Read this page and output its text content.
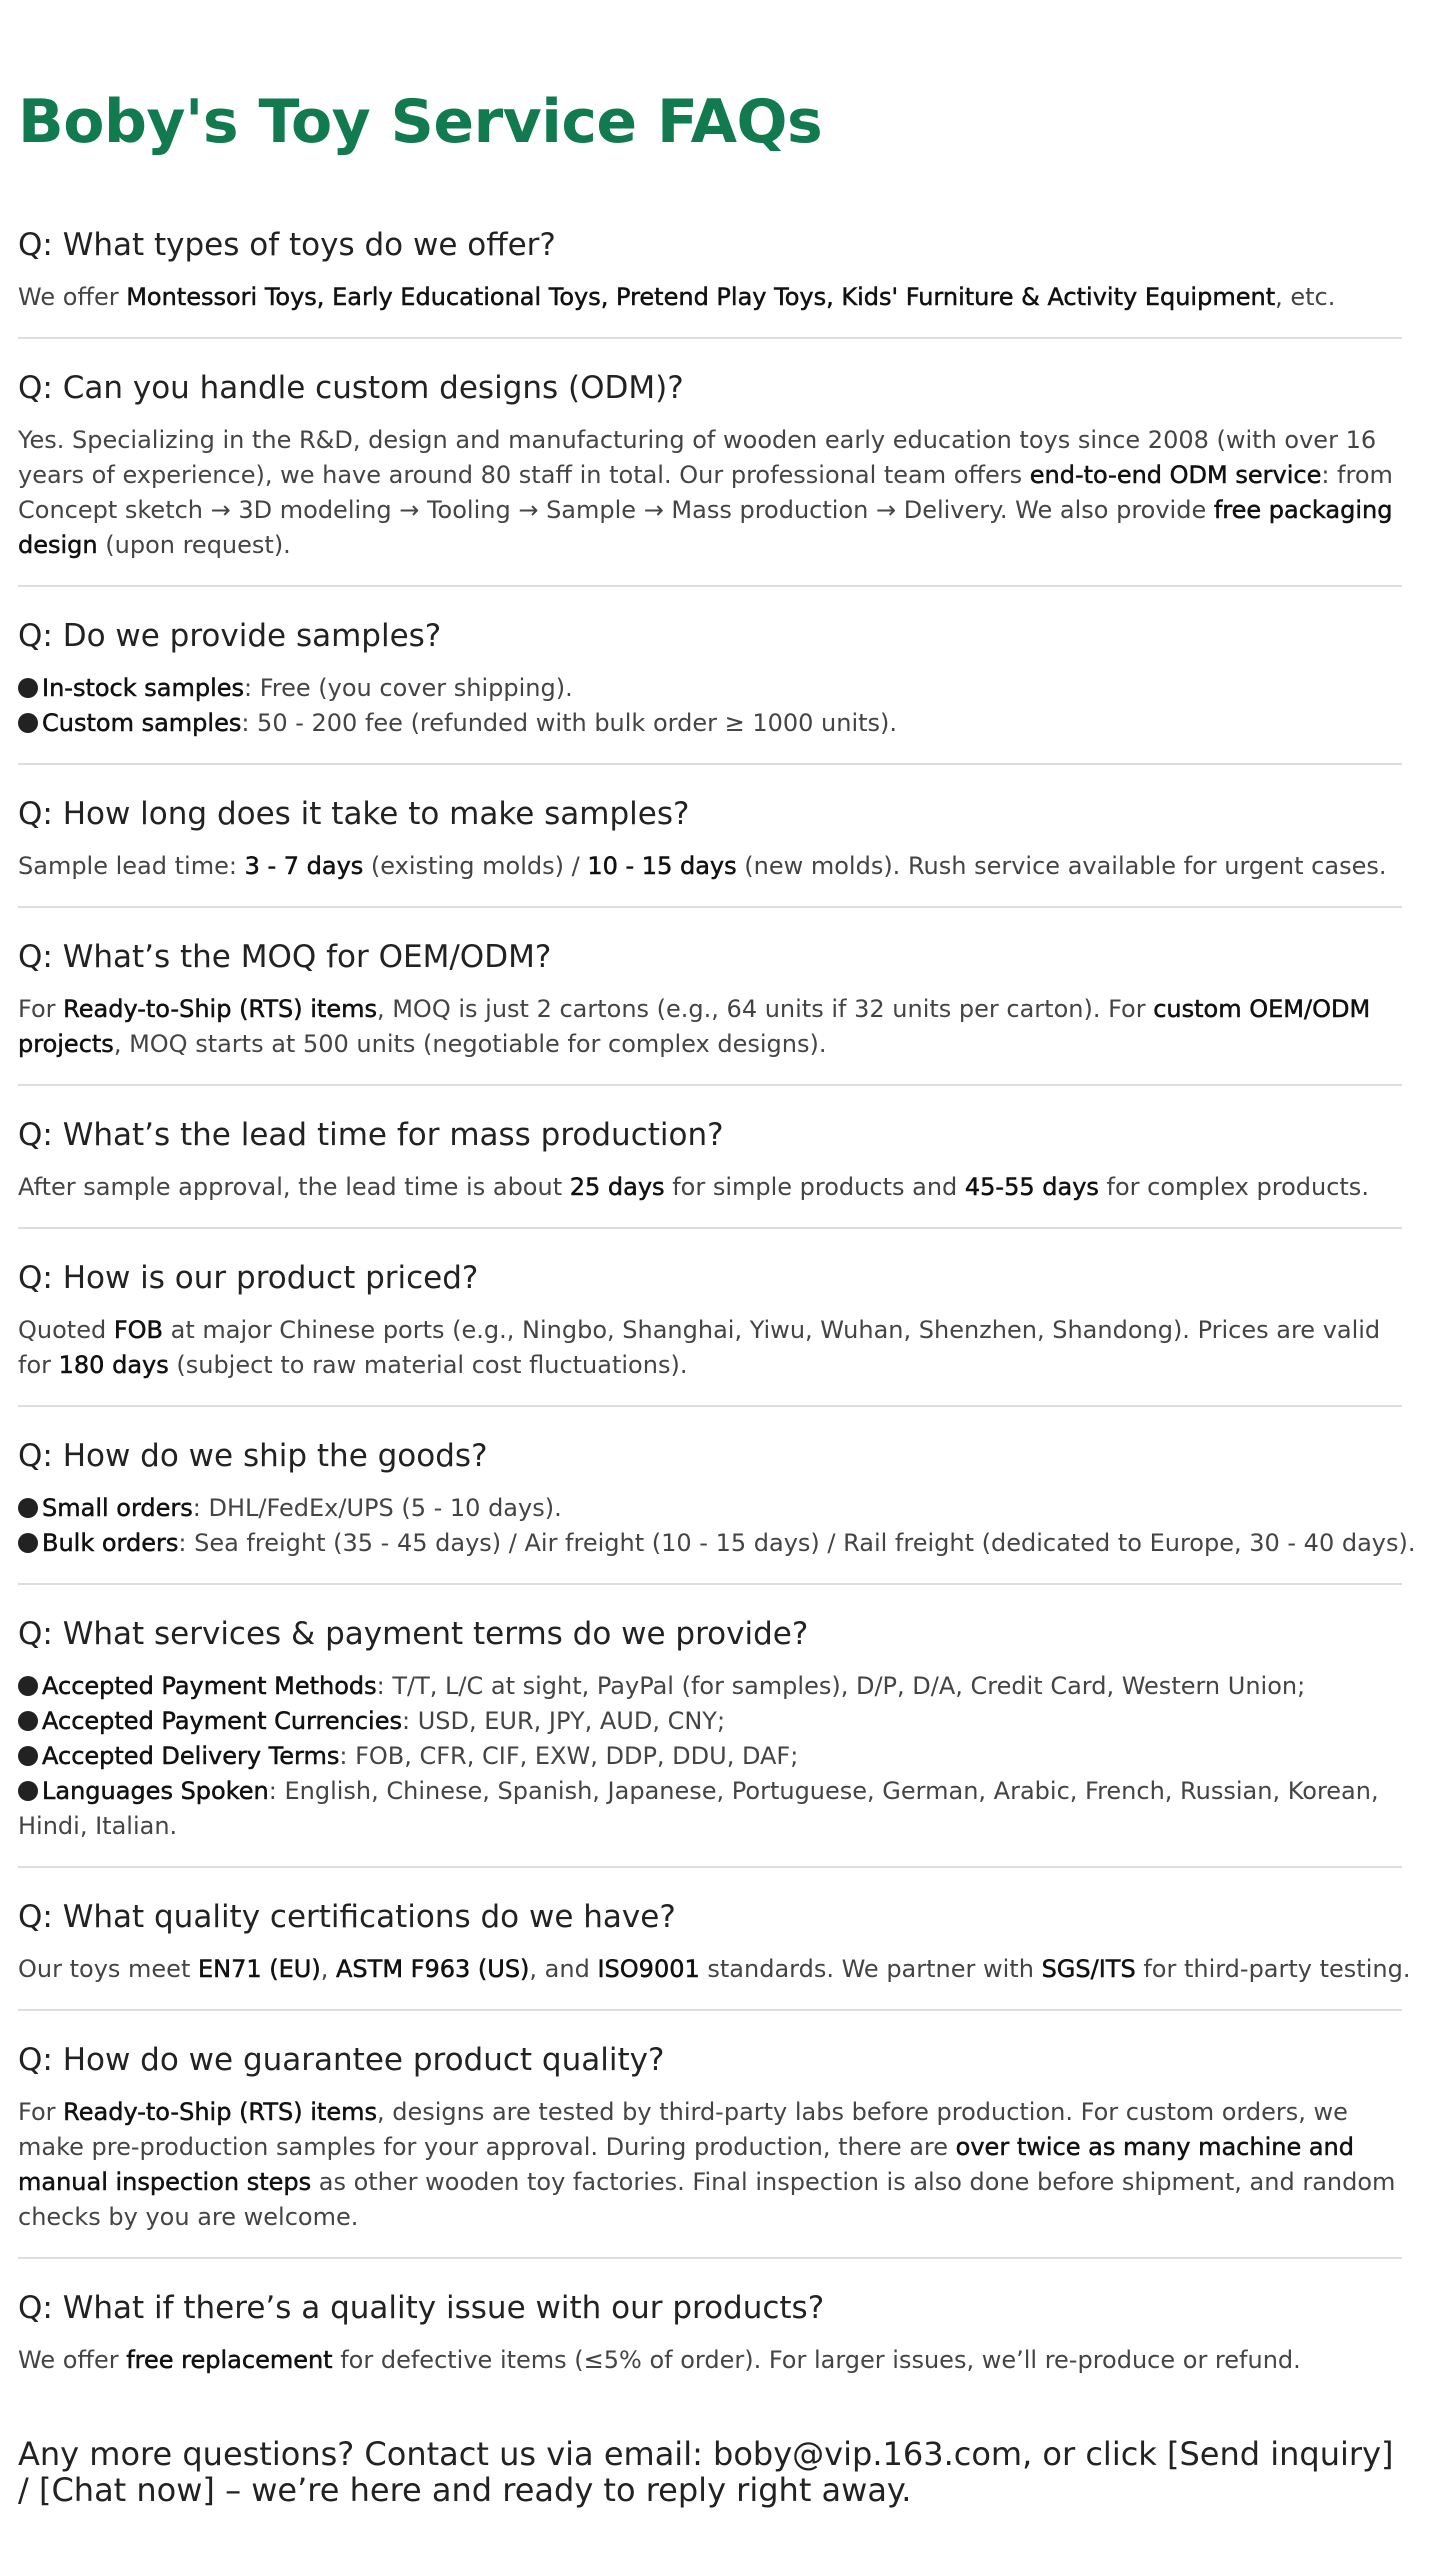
Boby's Toy Service FAQs
Q: What types of toys do we offer?

We offer Montessori Toys, Early Educational Toys, Pretend Play Toys, Kids' Furniture & Activity Equipment, etc.

Q: Can you handle custom designs (ODM)?

Yes. Specializing in the R&D, design and manufacturing of wooden early education toys since 2008 (with over 16 years of experience), we have around 80 staff in total. Our professional team offers end-to-end ODM service: from Concept sketch → 3D modeling → Tooling → Sample → Mass production → Delivery. We also provide free packaging design (upon request).

Q: Do we provide samples?
In-stock samples: Free (you cover shipping).
Custom samples: 50 - 200 fee (refunded with bulk order ≥ 1000 units).
Q: How long does it take to make samples?

Sample lead time: 3 - 7 days (existing molds) / 10 - 15 days (new molds). Rush service available for urgent cases.

Q: What’s the MOQ for OEM/ODM?

For Ready-to-Ship (RTS) items, MOQ is just 2 cartons (e.g., 64 units if 32 units per carton). For custom OEM/ODM projects, MOQ starts at 500 units (negotiable for complex designs).

Q: What’s the lead time for mass production?

After sample approval, the lead time is about 25 days for simple products and 45-55 days for complex products.

Q: How is our product priced?

Quoted FOB at major Chinese ports (e.g., Ningbo, Shanghai, Yiwu, Wuhan, Shenzhen, Shandong). Prices are valid for 180 days (subject to raw material cost fluctuations).

Q: How do we ship the goods?
Small orders: DHL/FedEx/UPS (5 - 10 days).
Bulk orders: Sea freight (35 - 45 days) / Air freight (10 - 15 days) / Rail freight (dedicated to Europe, 30 - 40 days).
Q: What services & payment terms do we provide?
Accepted Payment Methods: T/T, L/C at sight, PayPal (for samples), D/P, D/A, Credit Card, Western Union;
Accepted Payment Currencies: USD, EUR, JPY, AUD, CNY;
Accepted Delivery Terms: FOB, CFR, CIF, EXW, DDP, DDU, DAF;
Languages Spoken: English, Chinese, Spanish, Japanese, Portuguese, German, Arabic, French, Russian, Korean, Hindi, Italian.
Q: What quality certifications do we have?

Our toys meet EN71 (EU), ASTM F963 (US), and ISO9001 standards. We partner with SGS/ITS for third-party testing.

Q: How do we guarantee product quality?

For Ready-to-Ship (RTS) items, designs are tested by third-party labs before production. For custom orders, we make pre-production samples for your approval. During production, there are over twice as many machine and manual inspection steps as other wooden toy factories. Final inspection is also done before shipment, and random checks by you are welcome.

Q: What if there’s a quality issue with our products?

We offer free replacement for defective items (≤5% of order). For larger issues, we’ll re-produce or refund.

Any more questions? Contact us via email: boby@vip.163.com, or click [Send inquiry] / [Chat now] – we’re here and ready to reply right away.
